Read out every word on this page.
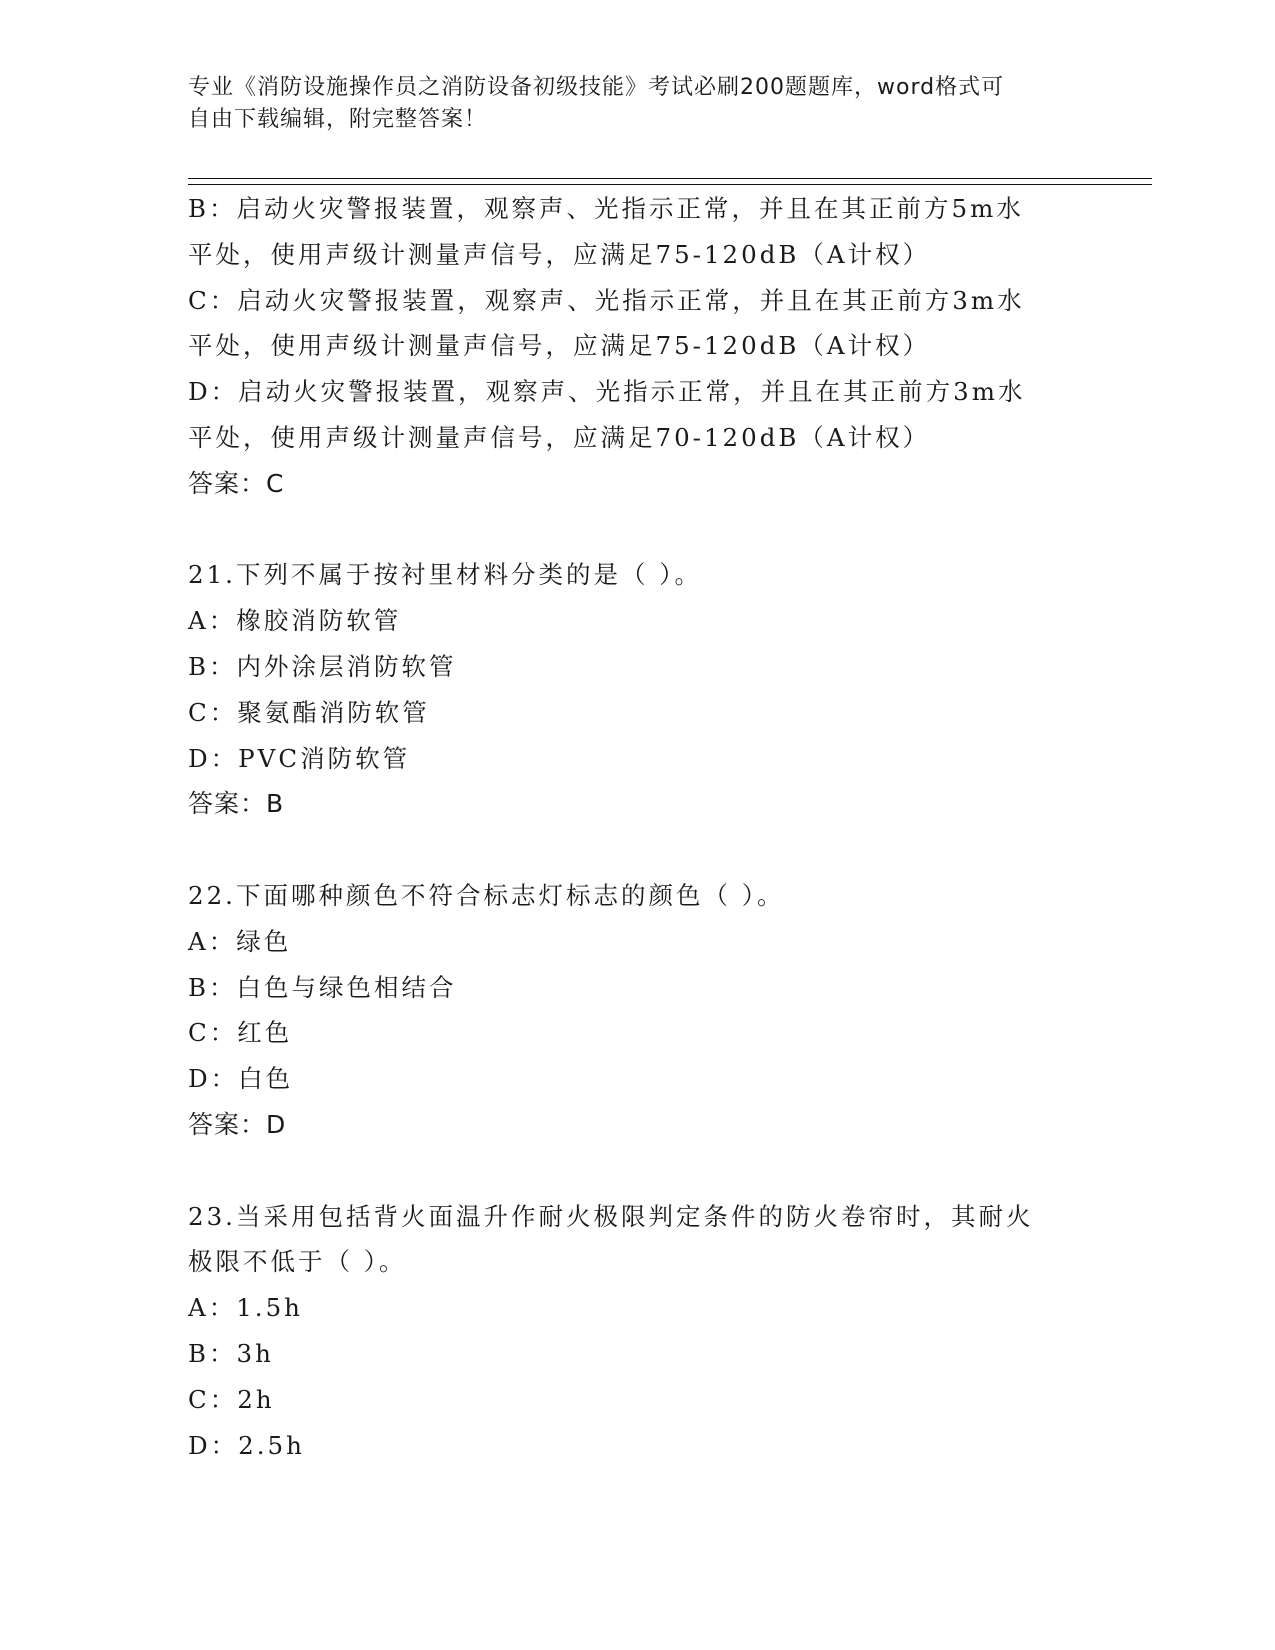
专业《消防设施操作员之消防设备初级技能》考试必刷200题题库，word格式可
自由下载编辑，附完整答案！
B：启动火灾警报装置，观察声、光指示正常，并且在其正前方5m水
平处，使用声级计测量声信号，应满足75-120dB（A计权）
C：启动火灾警报装置，观察声、光指示正常，并且在其正前方3m水
平处，使用声级计测量声信号，应满足75-120dB（A计权）
D：启动火灾警报装置，观察声、光指示正常，并且在其正前方3m水
平处，使用声级计测量声信号，应满足70-120dB（A计权）
答案：C
21.下列不属于按衬里材料分类的是（ ）。
A：橡胶消防软管
B：内外涂层消防软管
C：聚氨酯消防软管
D：PVC消防软管
答案：B
22.下面哪种颜色不符合标志灯标志的颜色（ ）。
A：绿色
B：白色与绿色相结合
C：红色
D：白色
答案：D
23.当采用包括背火面温升作耐火极限判定条件的防火卷帘时，其耐火
极限不低于（ ）。
A：1.5h
B：3h
C：2h
D：2.5h
